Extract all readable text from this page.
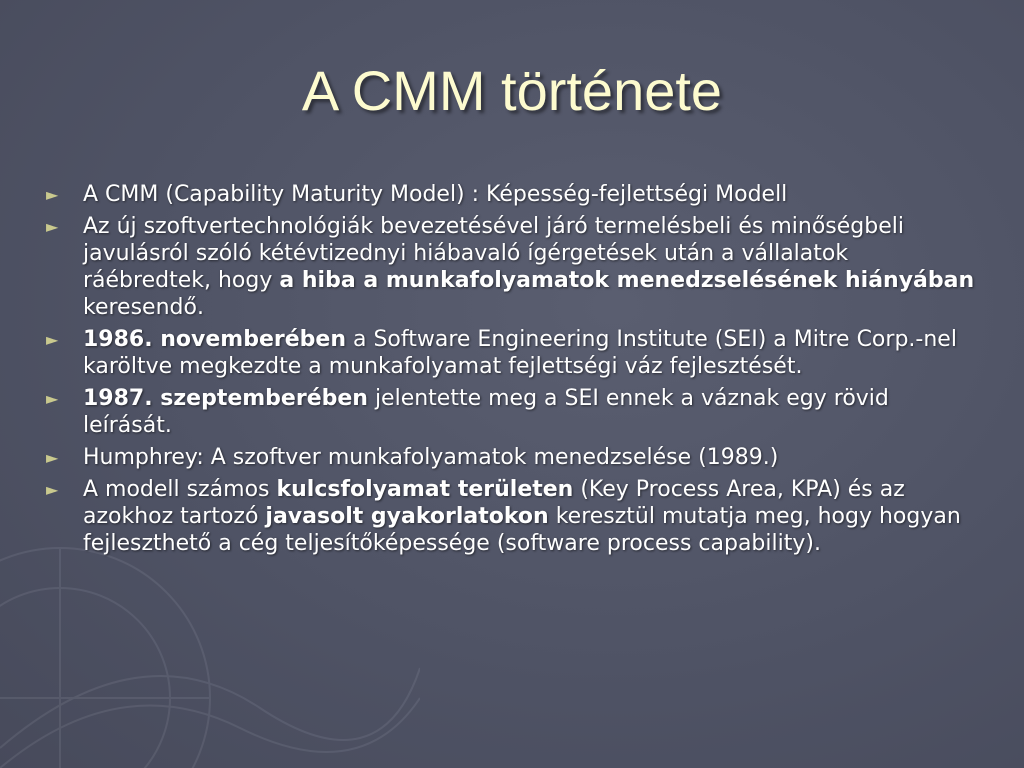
A CMM története
► A CMM (Capability Maturity Model) : Képesség-fejlettségi Modell
► Az új szoftvertechnológiák bevezetésével járó termelésbeli és minőségbeli javulásról szóló kétévtizednyi hiábavaló ígérgetések után a vállalatok ráébredtek, hogy a hiba a munkafolyamatok menedzselésének hiányában keresendő.
► 1986. novemberében a Software Engineering Institute (SEI) a Mitre Corp.-nel karöltve megkezdte a munkafolyamat fejlettségi váz fejlesztését.
► 1987. szeptemberében jelentette meg a SEI ennek a váznak egy rövid leírását.
► Humphrey: A szoftver munkafolyamatok menedzselése (1989.)
► A modell számos kulcsfolyamat területen (Key Process Area, KPA) és az azokhoz tartozó javasolt gyakorlatokon keresztül mutatja meg, hogy hogyan fejleszthető a cég teljesítőképessége (software process capability).
